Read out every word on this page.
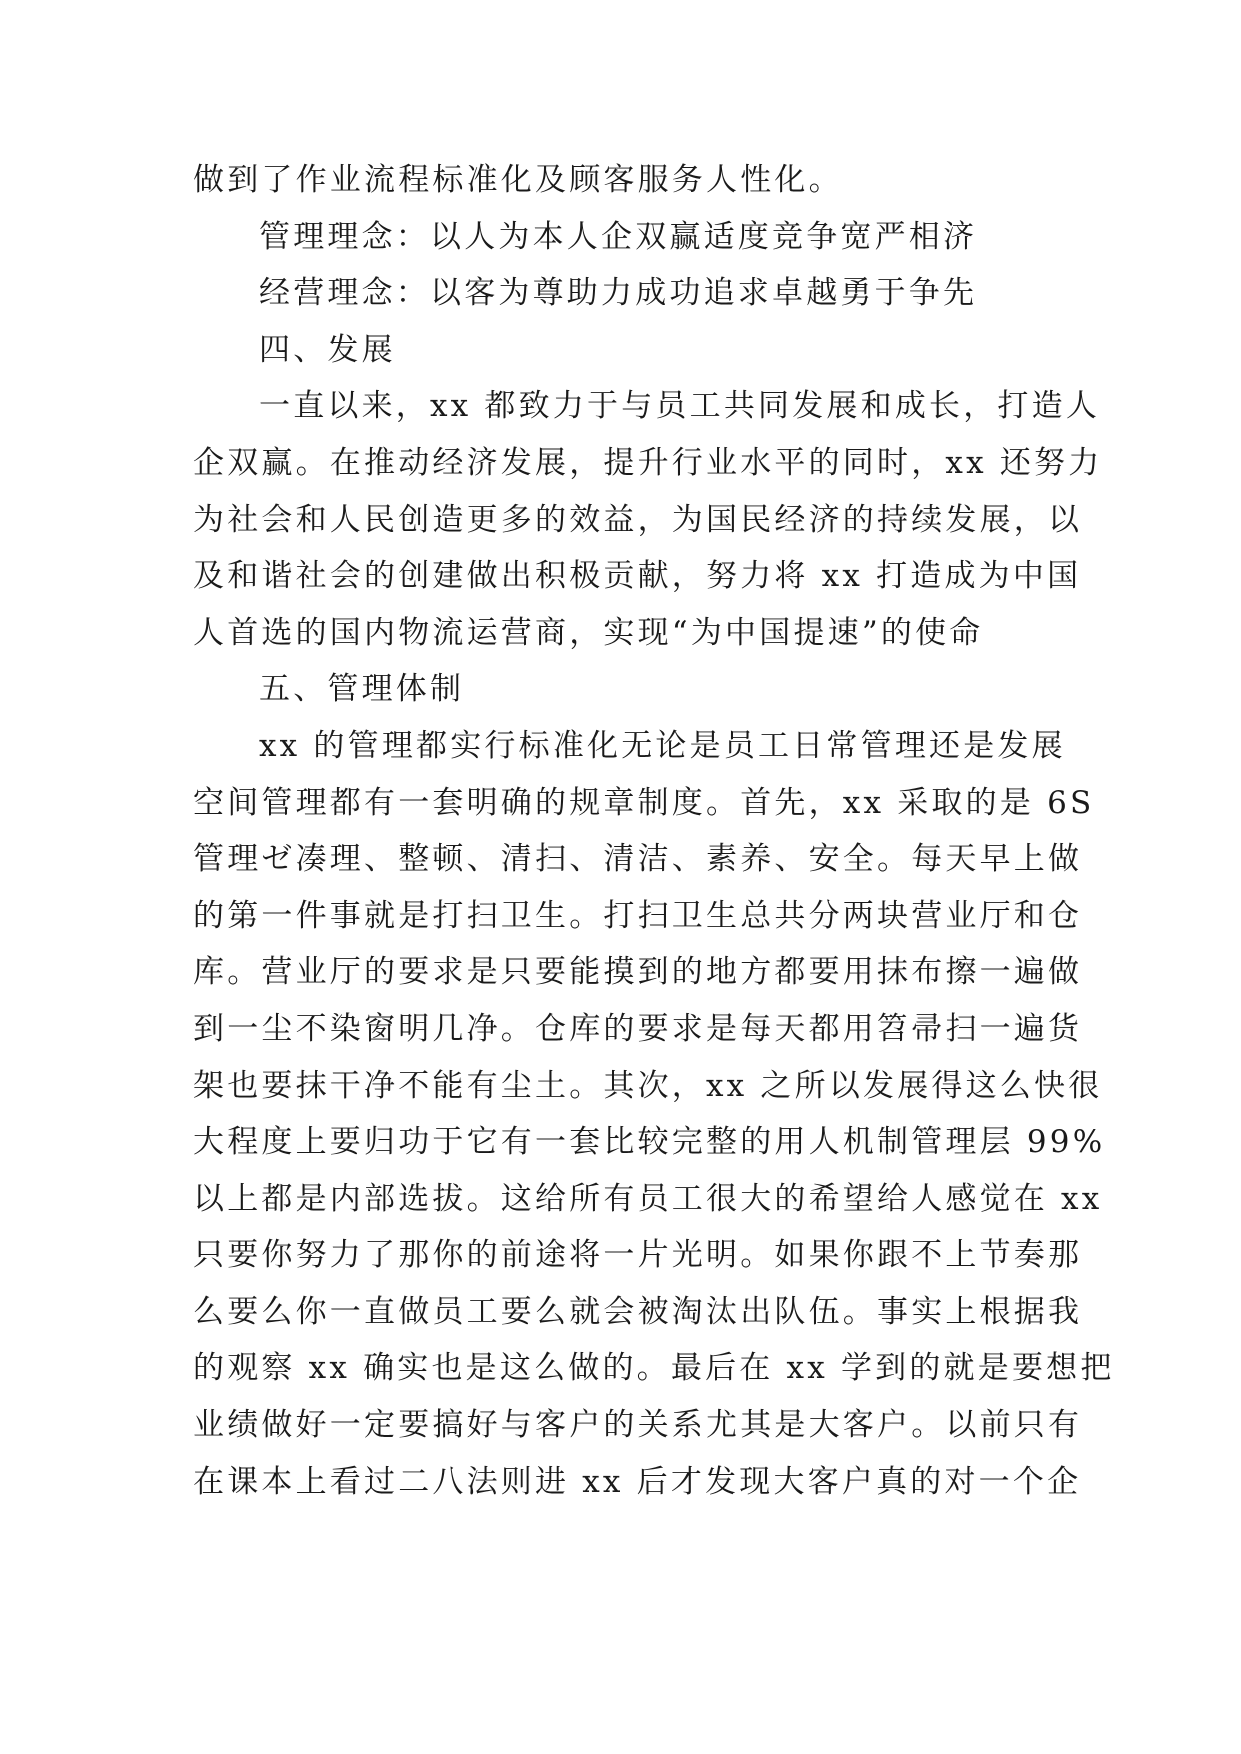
做到了作业流程标准化及顾客服务人性化。
管理理念：以人为本人企双赢适度竞争宽严相济
经营理念：以客为尊助力成功追求卓越勇于争先
四、发展
一直以来，xx 都致力于与员工共同发展和成长，打造人
企双赢。在推动经济发展，提升行业水平的同时，xx 还努力
为社会和人民创造更多的效益，为国民经济的持续发展，以
及和谐社会的创建做出积极贡献，努力将 xx 打造成为中国
人首选的国内物流运营商，实现“为中国提速”的使命
五、管理体制
xx 的管理都实行标准化无论是员工日常管理还是发展
空间管理都有一套明确的规章制度。首先，xx 采取的是 6S
管理ゼ凑理、整顿、清扫、清洁、素养、安全。每天早上做
的第一件事就是打扫卫生。打扫卫生总共分两块营业厅和仓
库。营业厅的要求是只要能摸到的地方都要用抹布擦一遍做
到一尘不染窗明几净。仓库的要求是每天都用笤帚扫一遍货
架也要抹干净不能有尘土。其次，xx 之所以发展得这么快很
大程度上要归功于它有一套比较完整的用人机制管理层 99%
以上都是内部选拔。这给所有员工很大的希望给人感觉在 xx
只要你努力了那你的前途将一片光明。如果你跟不上节奏那
么要么你一直做员工要么就会被淘汰出队伍。事实上根据我
的观察 xx 确实也是这么做的。最后在 xx 学到的就是要想把
业绩做好一定要搞好与客户的关系尤其是大客户。以前只有
在课本上看过二八法则进 xx 后才发现大客户真的对一个企
